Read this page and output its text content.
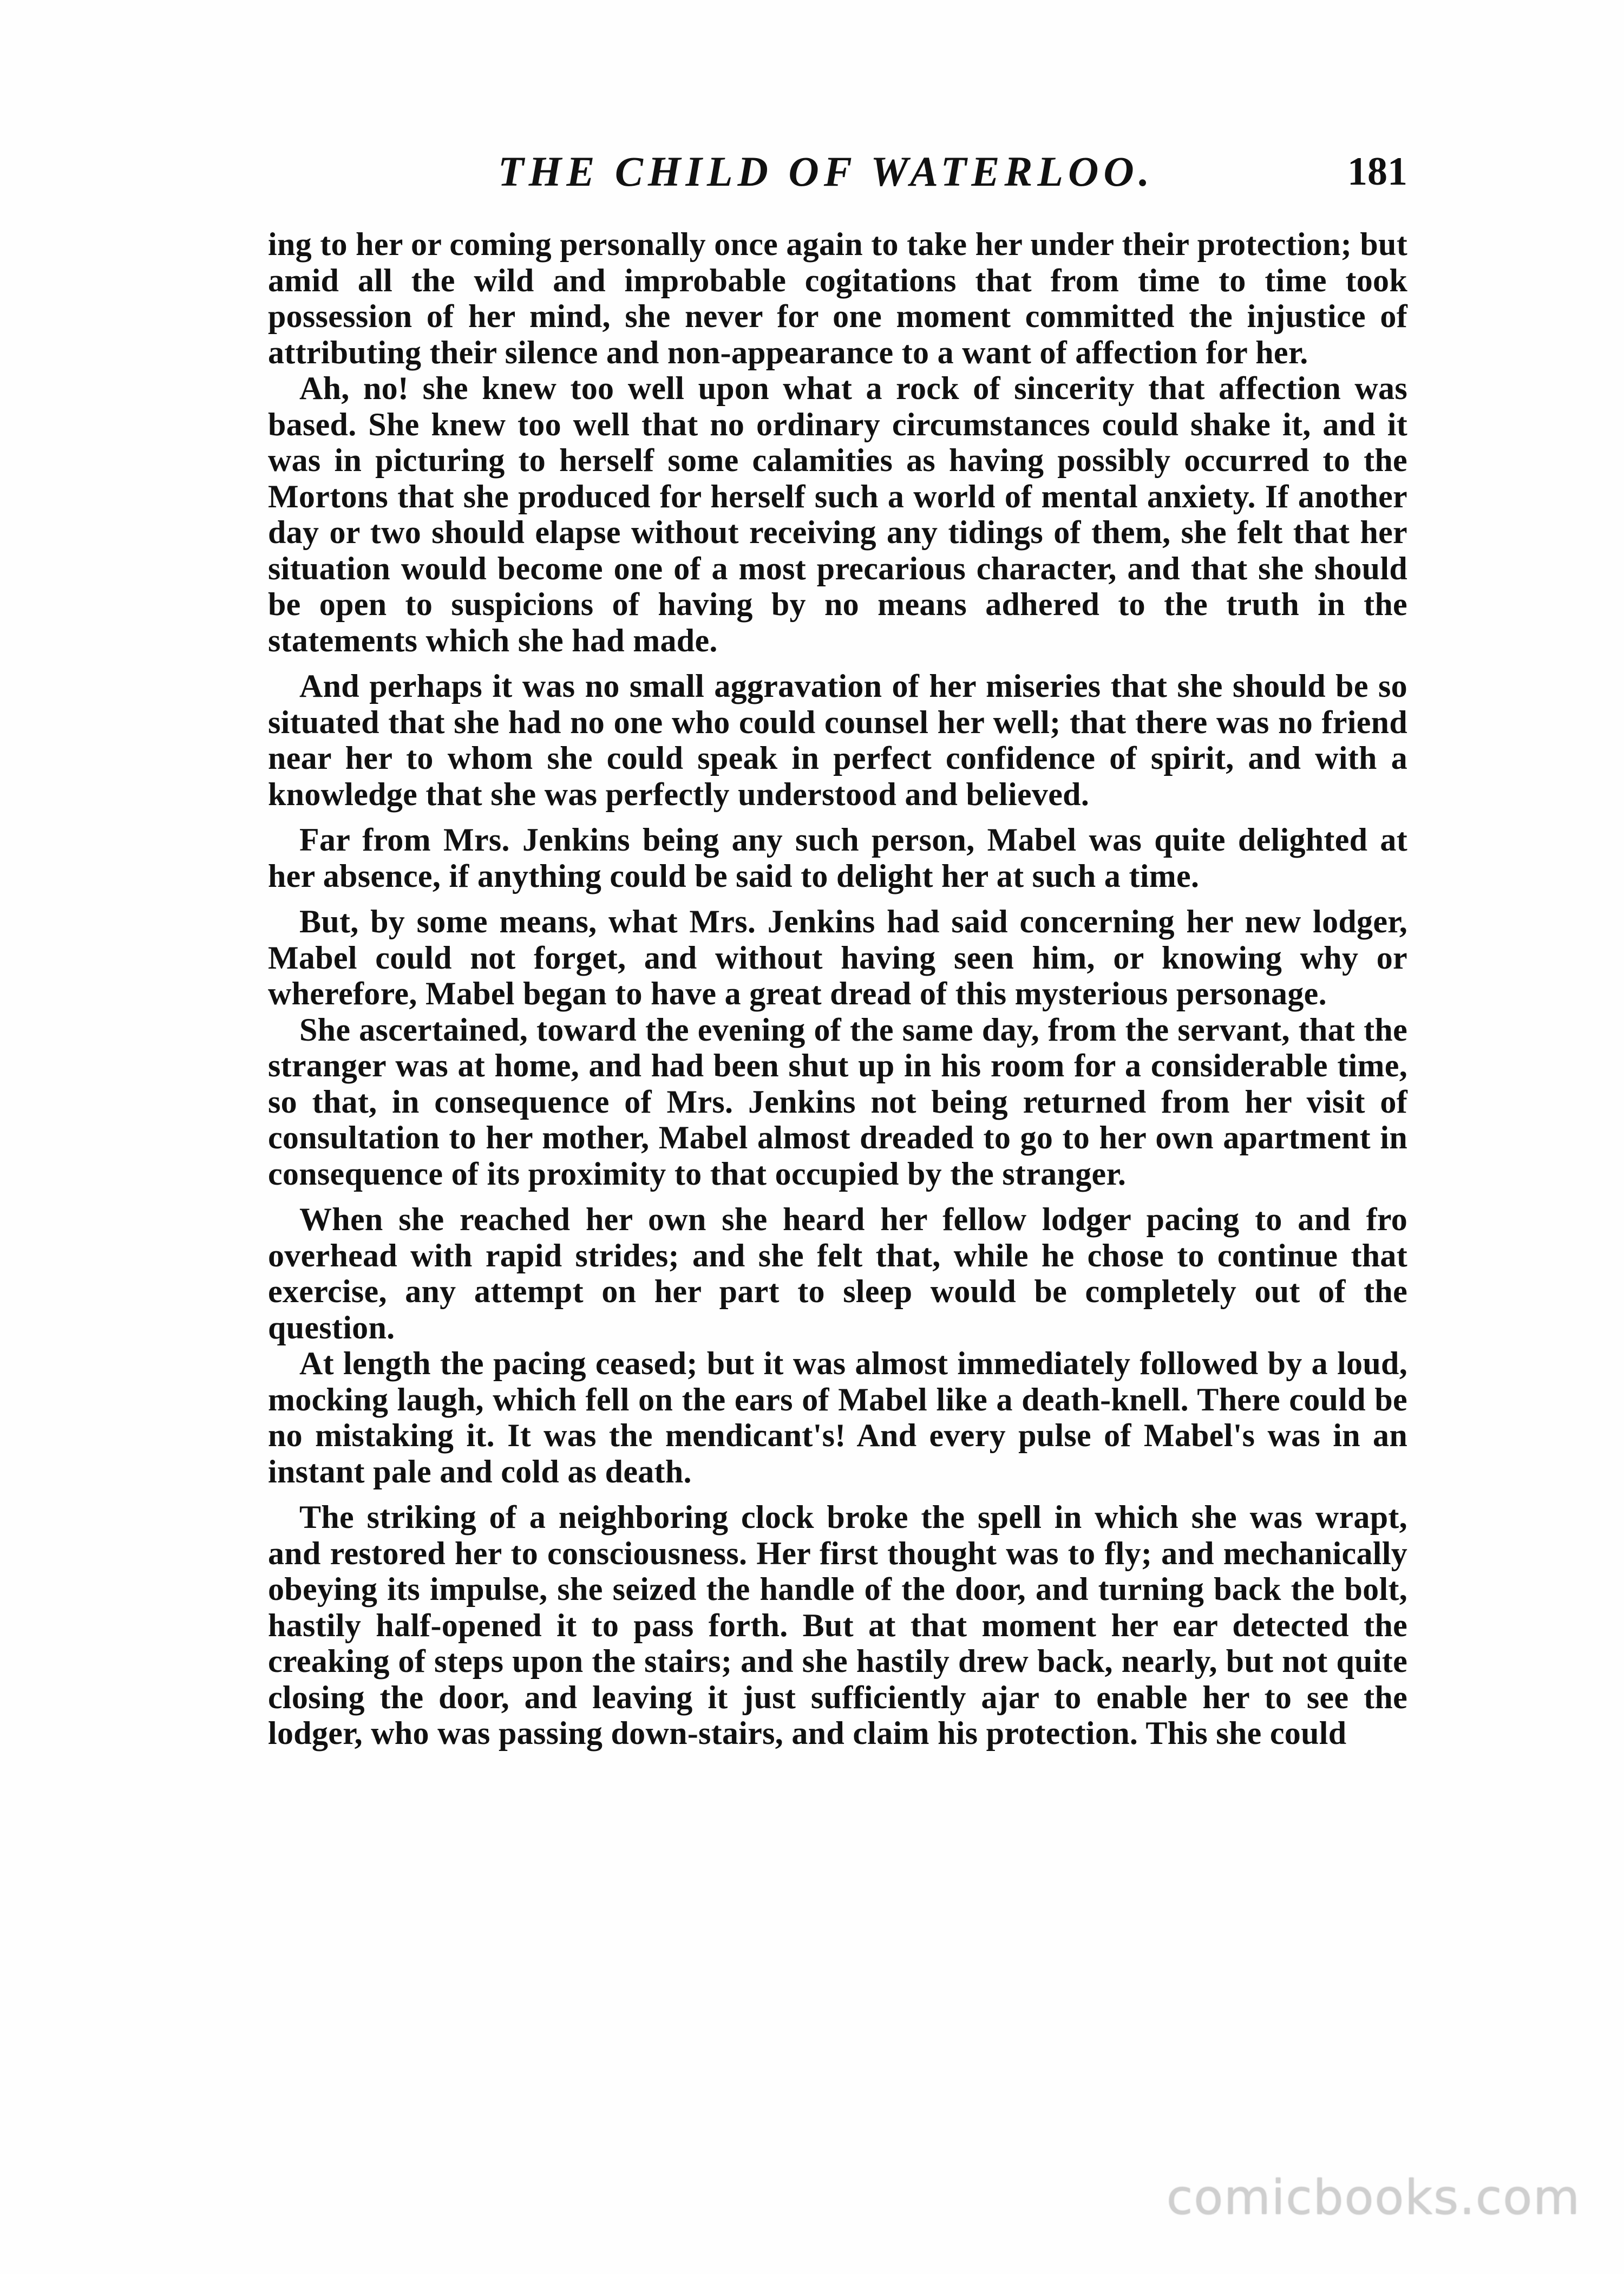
THE CHILD OF WATERLOO.	181

ing to her or coming personally once again to take her under their protection; but amid all the wild and improbable cogitations that from time to time took possession of her mind, she never for one moment committed the injustice of attributing their silence and non-appearance to a want of affection for her.

Ah, no! she knew too well upon what a rock of sincerity that affection was based. She knew too well that no ordinary circumstances could shake it, and it was in picturing to herself some calamities as having possibly occurred to the Mortons that she produced for herself such a world of mental anxiety. If another day or two should elapse without receiving any tidings of them, she felt that her situation would become one of a most precarious character, and that she should be open to suspicions of having by no means adhered to the truth in the statements which she had made.

And perhaps it was no small aggravation of her miseries that she should be so situated that she had no one who could counsel her well; that there was no friend near her to whom she could speak in perfect confidence of spirit, and with a knowledge that she was perfectly understood and believed.

Far from Mrs. Jenkins being any such person, Mabel was quite delighted at her absence, if anything could be said to delight her at such a time.

But, by some means, what Mrs. Jenkins had said concerning her new lodger, Mabel could not forget, and without having seen him, or knowing why or wherefore, Mabel began to have a great dread of this mysterious personage.

She ascertained, toward the evening of the same day, from the servant, that the stranger was at home, and had been shut up in his room for a considerable time, so that, in consequence of Mrs. Jenkins not being returned from her visit of consultation to her mother, Mabel almost dreaded to go to her own apartment in consequence of its proximity to that occupied by the stranger.

When she reached her own she heard her fellow lodger pacing to and fro overhead with rapid strides; and she felt that, while he chose to continue that exercise, any attempt on her part to sleep would be completely out of the question.

At length the pacing ceased; but it was almost immediately followed by a loud, mocking laugh, which fell on the ears of Mabel like a death-knell. There could be no mistaking it. It was the mendicant's! And every pulse of Mabel's was in an instant pale and cold as death.

The striking of a neighboring clock broke the spell in which she was wrapt, and restored her to consciousness. Her first thought was to fly; and mechanically obeying its impulse, she seized the handle of the door, and turning back the bolt, hastily half-opened it to pass forth. But at that moment her ear detected the creaking of steps upon the stairs; and she hastily drew back, nearly, but not quite closing the door, and leaving it just sufficiently ajar to enable her to see the lodger, who was passing down-stairs, and claim his protection. This she could

comicbooks.com
